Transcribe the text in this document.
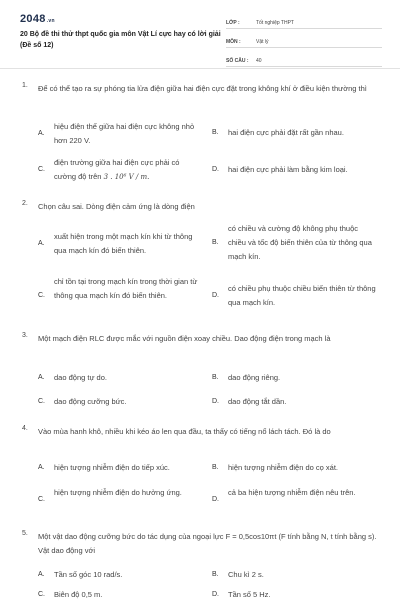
2048.vn
20 Bộ đề thi thử thpt quốc gia môn Vật Lí cực hay có lời giải (Đề số 12)
LỚP :	Tốt nghiệp THPT
MÔN :	Vật lý
SỐ CÂU :	40
1. Để có thể tạo ra sự phóng tia lửa điện giữa hai điện cực đặt trong không khí ở điều kiện thường thì
A.
hiệu điện thế giữa hai điện cực không nhỏ hơn 220 V.
B. hai điện cực phải đặt rất gần nhau.
C.
điện trường giữa hai điện cực phải có cường độ trên 3 . 10⁶ V / m.
D. hai điện cực phải làm bằng kim loại.
2. Chọn câu sai. Dòng điện cảm ứng là dòng điện
A.
xuất hiện trong một mạch kín khi từ thông qua mạch kín đó biến thiên.
B.
có chiều và cường độ không phụ thuộc chiều và tốc độ biến thiên của từ thông qua mạch kín.
C.
chỉ tồn tại trong mạch kín trong thời gian từ thông qua mạch kín đó biến thiên.	D.
có chiều phụ thuộc chiều biến thiên từ thông qua mạch kín.
3. Một mạch điện RLC được mắc với nguồn điện xoay chiều. Dao động điện trong mạch là
A. dao động tự do.	B. dao động riêng.
C. dao động cưỡng bức.	D. dao động tắt dần.
4. Vào mùa hanh khô, nhiều khi kéo áo len qua đầu, ta thấy có tiếng nổ lách tách. Đó là do
A. hiện tượng nhiễm điện do tiếp xúc.	B. hiện tượng nhiễm điện do cọ xát.
C.
hiện tượng nhiễm điện do hưởng ứng.
D.
cả ba hiện tượng nhiễm điện nêu trên.
5. Một vật dao động cưỡng bức do tác dụng của ngoại lực F = 0,5cos10πt (F tính bằng N, t tính bằng s). Vật dao động với
A. Tần số góc 10 rad/s.	B. Chu kì 2 s.
C. Biên độ 0,5 m.	D. Tần số 5 Hz.
